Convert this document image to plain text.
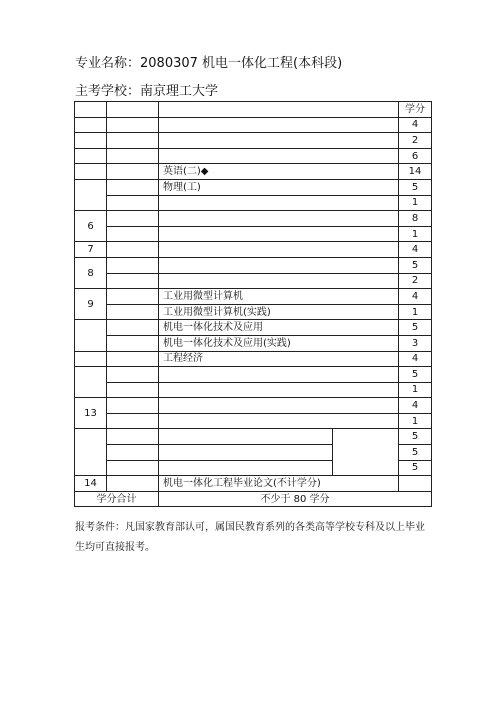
专业名称：2080307 机电一体化工程(本科段)
主考学校：南京理工大学
				学分
				4
				2
				6
		英语(二)◆		14
		物理(工)		5
				1
6				8
				1
7				4
8				5
				2
9		工业用微型计算机		4
		工业用微型计算机(实践)		1
		机电一体化技术及应用		5
		机电一体化技术及应用(实践)		3
		工程经济		4
				5
				1
13				4
				1
				5
				5
				5
14		机电一体化工程毕业论文(不计学分)		
学分合计		不少于 80 学分		
报考条件：凡国家教育部认可，属国民教育系列的各类高等学校专科及以上毕业
生均可直接报考。
